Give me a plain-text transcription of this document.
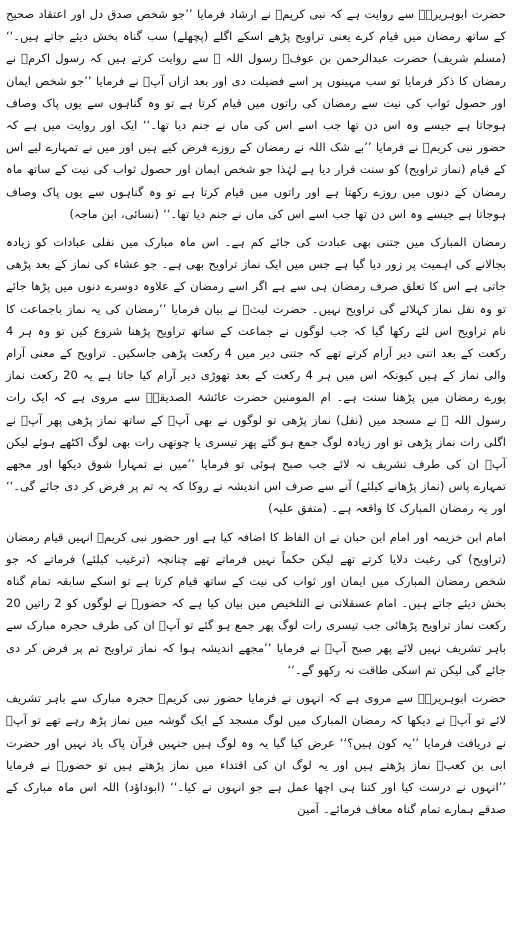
حضرت ابوہریرہؓ سے روایت ہے کہ نبی کریمؐ نے ارشاد فرمایا ’’جو شخص صدق دل اور اعتقاد صحیح کے ساتھ رمضان میں قیام کرے یعنی تراویح پڑھے اسکے اگلے (پچھلے) سب گناہ بخش دیئے جاتے ہیں۔‘‘ (مسلم شریف) حضرت عبدالرحمن بن عوفؓ رسول اللہ ﷺ سے روایت کرتے ہیں کہ رسول اکرمؐ نے رمضان کا ذکر فرمایا تو سب مہینوں پر اسے فضیلت دی اور بعد ازاں آپؐ نے فرمایا ’’جو شخص ایمان اور حصول ثواب کی نیت سے رمضان کی راتوں میں قیام کرتا ہے تو وہ گناہوں سے یوں پاک وصاف ہوجاتا ہے جیسے وہ اس دن تھا جب اسے اس کی ماں نے جنم دیا تھا۔‘‘ ایک اور روایت میں ہے کہ حضور نبی کریمؐ نے فرمایا ’’بے شک اللہ نے رمضان کے روزے فرض کیے ہیں اور میں نے تمہارے لیے اس کے قیام (نماز تراویح) کو سنت قرار دیا ہے لہٰذا جو شخص ایمان اور حصول ثواب کی نیت کے ساتھ ماہ رمضان کے دنوں میں روزے رکھتا ہے اور راتوں میں قیام کرتا ہے تو وہ گناہوں سے یوں پاک وصاف ہوجاتا ہے جیسے وہ اس دن تھا جب اسے اس کی ماں نے جنم دیا تھا۔‘‘ (نسائی، ابن ماجہ)

رمضان المبارک میں جتنی بھی عبادت کی جائے کم ہے۔ اس ماہ مبارک میں نفلی عبادات کو زیادہ بجالانے کی اہمیت پر زور دیا گیا ہے جس میں ایک نماز تراویح بھی ہے۔ جو عشاء کی نماز کے بعد پڑھی جاتی ہے اس کا تعلق صرف رمضان ہی سے ہے اگر اسے رمضان کے علاوہ دوسرے دنوں میں پڑھا جائے تو وہ نفل نماز کہلائے گی تراویح نہیں۔ حضرت لیثؒ نے بیان فرمایا ’’رمضان کی یہ نماز باجماعت کا نام تراویح اس لئے رکھا گیا کہ جب لوگوں نے جماعت کے ساتھ تراویح پڑھنا شروع کیں تو وہ ہر 4 رکعت کے بعد اتنی دیر آرام کرتے تھے کہ جتنی دیر میں 4 رکعت پڑھی جاسکیں۔ تراویح کے معنی آرام والی نماز کے ہیں کیونکہ اس میں ہر 4 رکعت کے بعد تھوڑی دیر آرام کیا جاتا ہے یہ 20 رکعت نماز پورے رمضان میں پڑھنا سنت ہے۔ ام المومنین حضرت عائشۃ الصدیقہؓ سے مروی ہے کہ ایک رات رسول اللہ ﷺ نے مسجد میں (نفل) نماز پڑھی تو لوگوں نے بھی آپؐ کے ساتھ نماز پڑھی پھر آپؐ نے اگلی رات نماز پڑھی تو اور زیادہ لوگ جمع ہو گئے پھر تیسری یا چوتھی رات بھی لوگ اکٹھے ہوئے لیکن آپؐ ان کی طرف تشریف نہ لائے جب صبح ہوئی تو فرمایا ’’میں نے تمہارا شوق دیکھا اور مجھے تمہارے پاس (نماز پڑھانے کیلئے) آنے سے صرف اس اندیشہ نے روکا کہ یہ تم پر فرض کر دی جائے گی۔‘‘ اور یہ رمضان المبارک کا واقعہ ہے۔ (متفق علیہ)

امام ابن خزیمہ اور امام ابن حبان نے ان الفاظ کا اضافہ کیا ہے اور حضور نبی کریمؐ انہیں قیام رمضان (تراویح) کی رغبت دلایا کرتے تھے لیکن حکماً نہیں فرماتے تھے چنانچہ (ترغیب کیلئے) فرماتے کہ جو شخص رمضان المبارک میں ایمان اور ثواب کی نیت کے ساتھ قیام کرتا ہے تو اسکے سابقہ تمام گناہ بخش دیئے جاتے ہیں۔ امام عسقلانی نے التلخیص میں بیان کیا ہے کہ حضورؐ نے لوگوں کو 2 راتیں 20 رکعت نماز تراویح پڑھائی جب تیسری رات لوگ پھر جمع ہو گئے تو آپؐ ان کی طرف حجرہ مبارک سے باہر تشریف نہیں لائے پھر صبح آپؐ نے فرمایا ’’مجھے اندیشہ ہوا کہ نماز تراویح تم پر فرض کر دی جائے گی لیکن تم اسکی طاقت نہ رکھو گے۔‘‘

حضرت ابوہریرہؓ سے مروی ہے کہ انہوں نے فرمایا حضور نبی کریمؐ حجرہ مبارک سے باہر تشریف لائے تو آپؐ نے دیکھا کہ رمضان المبارک میں لوگ مسجد کے ایک گوشہ میں نماز پڑھ رہے تھے تو آپؐ نے دریافت فرمایا ’’یہ کون ہیں؟‘‘ عرض کیا گیا یہ وہ لوگ ہیں جنہیں قرآن پاک یاد نہیں اور حضرت ابی بن کعبؓ نماز پڑھتے ہیں اور یہ لوگ ان کی اقتداء میں نماز پڑھتے ہیں تو حضورؐ نے فرمایا ’’انہوں نے درست کیا اور کتنا ہی اچھا عمل ہے جو انہوں نے کیا۔‘‘ (ابوداؤد) اللہ اس ماہ مبارک کے صدقے ہمارے تمام گناہ معاف فرمائے۔ آمین
